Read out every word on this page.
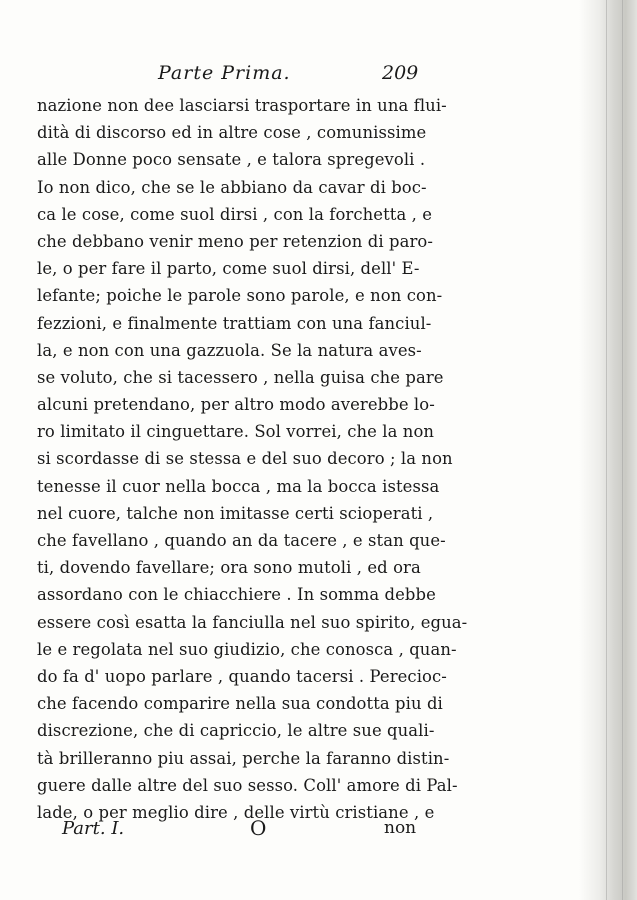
Parte Prima.	209
nazione non dee lasciarsi trasportare in una flui-
dità di discorso ed in altre cose , comunissime
alle Donne poco sensate , e talora spregevoli .
Io non dico, che se le abbiano da cavar di boc-
ca le cose, come suol dirsi , con la forchetta , e
che debbano venir meno per retenzion di paro-
le, o per fare il parto, come suol dirsi, dell' E-
lefante; poiche le parole sono parole, e non con-
fezzioni, e finalmente trattiam con una fanciul-
la, e non con una gazzuola. Se la natura aves-
se voluto, che si tacessero , nella guisa che pare
alcuni pretendano, per altro modo averebbe lo-
ro limitato il cinguettare. Sol vorrei, che la non
si scordasse di se stessa e del suo decoro ; la non
tenesse il cuor nella bocca , ma la bocca istessa
nel cuore, talche non imitasse certi scioperati ,
che favellano , quando an da tacere , e stan que-
ti, dovendo favellare; ora sono mutoli , ed ora
assordano con le chiacchiere . In somma debbe
essere così esatta la fanciulla nel suo spirito, egua-
le e regolata nel suo giudizio, che conosca , quan-
do fa d' uopo parlare , quando tacersi . Perecioc-
che facendo comparire nella sua condotta piu di
discrezione, che di capriccio, le altre sue quali-
tà brilleranno piu assai, perche la faranno distin-
guere dalle altre del suo sesso. Coll' amore di Pal-
lade, o per meglio dire , delle virtù cristiane , e
Part. I.	O	non
